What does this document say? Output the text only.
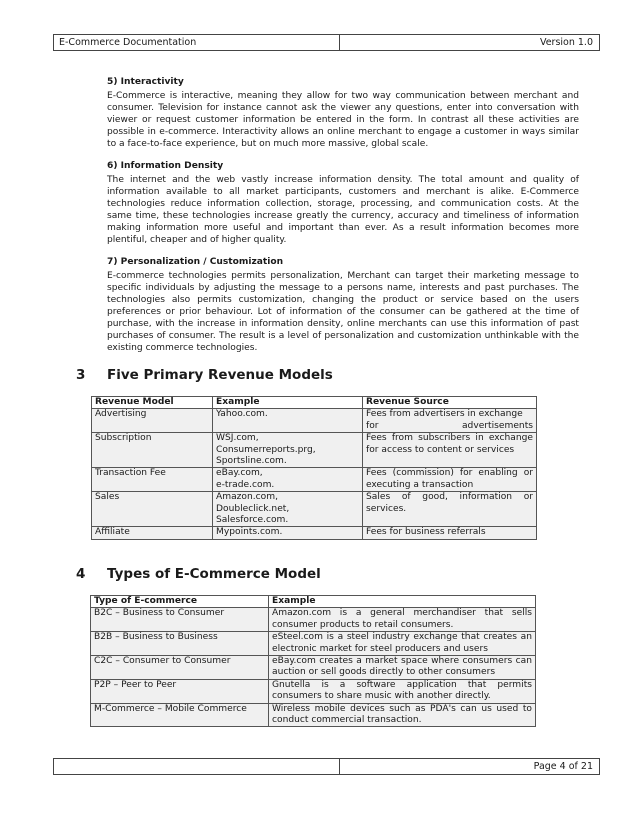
E-Commerce Documentation	Version 1.0
5) Interactivity
E-Commerce is interactive, meaning they allow for two way communication between merchant and consumer. Television for instance cannot ask the viewer any questions, enter into conversation with viewer or request customer information be entered in the form. In contrast all these activities are possible in e-commerce. Interactivity allows an online merchant to engage a customer in ways similar to a face-to-face experience, but on much more massive, global scale.
6) Information Density
The internet and the web vastly increase information density. The total amount and quality of information available to all market participants, customers and merchant is alike. E-Commerce technologies reduce information collection, storage, processing, and communication costs. At the same time, these technologies increase greatly the currency, accuracy and timeliness of information making information more useful and important than ever. As a result information becomes more plentiful, cheaper and of higher quality.
7) Personalization / Customization
E-commerce technologies permits personalization, Merchant can target their marketing message to specific individuals by adjusting the message to a persons name, interests and past purchases. The technologies also permits customization, changing the product or service based on the users preferences or prior behaviour. Lot of information of the consumer can be gathered at the time of purchase, with the increase in information density, online merchants can use this information of past purchases of consumer. The result is a level of personalization and customization unthinkable with the existing commerce technologies.
3	Five Primary Revenue Models
Revenue Model	Example	Revenue Source
Advertising	Yahoo.com.	Fees from advertisers in exchange for advertisements
Subscription	WSJ.com,
Consumerreports.prg,
Sportsline.com.	Fees from subscribers in exchange for access to content or services
Transaction Fee	eBay.com,
e-trade.com.	Fees (commission) for enabling or executing a transaction
Sales	Amazon.com,
Doubleclick.net,
Salesforce.com.	Sales of good, information or services.
Affiliate	Mypoints.com.	Fees for business referrals
4	Types of E-Commerce Model
Type of E-commerce	Example
B2C – Business to Consumer	Amazon.com is a general merchandiser that sells consumer products to retail consumers.
B2B – Business to Business	eSteel.com is a steel industry exchange that creates an electronic market for steel producers and users
C2C – Consumer to Consumer	eBay.com creates a market space where consumers can auction or sell goods directly to other consumers
P2P – Peer to Peer	Gnutella is a software application that permits consumers to share music with another directly.
M-Commerce – Mobile Commerce	Wireless mobile devices such as PDA's can us used to conduct commercial transaction.
Page 4 of 21
